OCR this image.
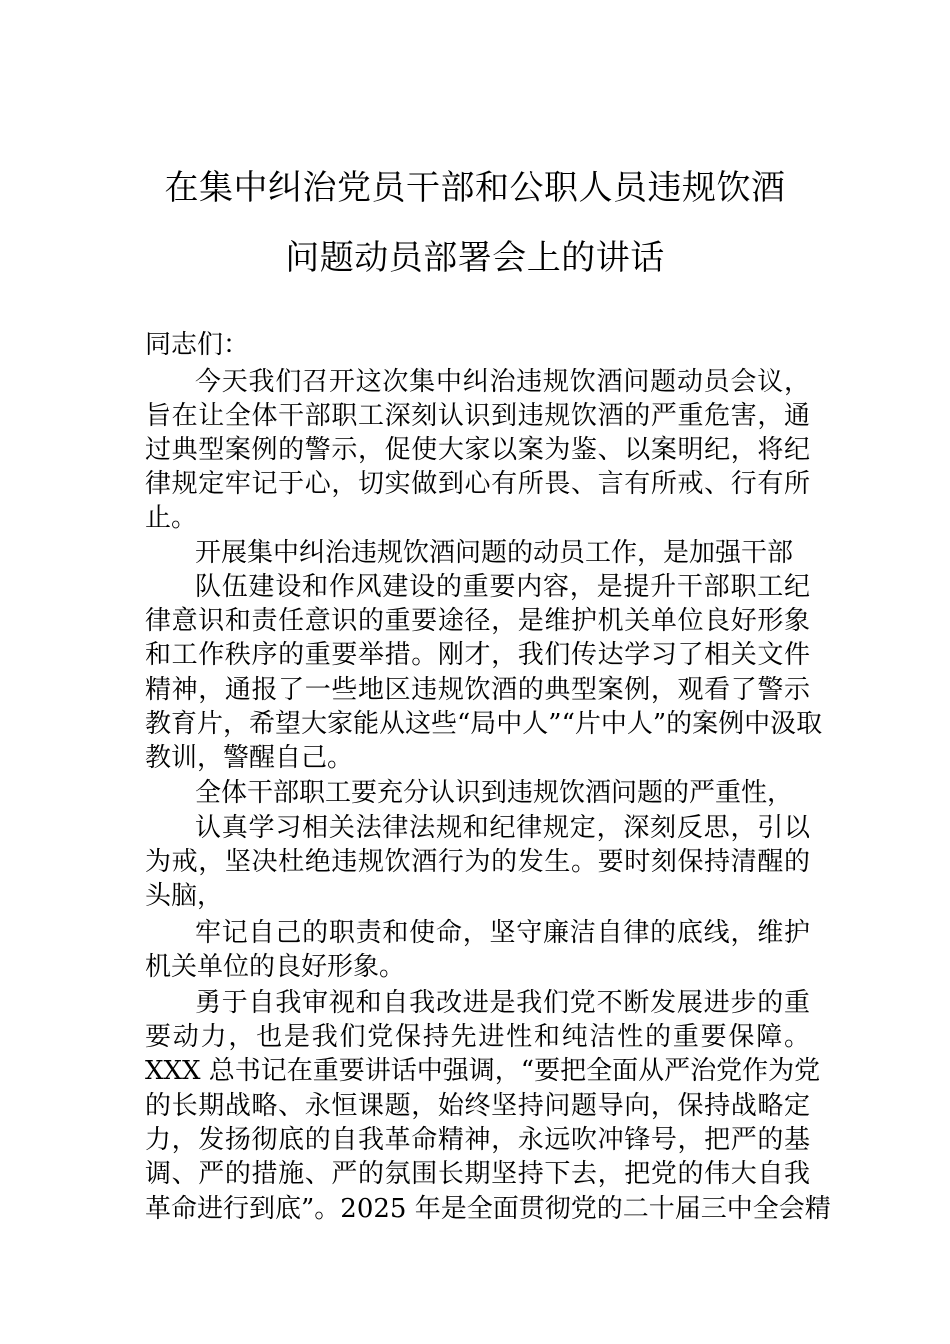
在集中纠治党员干部和公职人员违规饮酒
问题动员部署会上的讲话
同志们：
今天我们召开这次集中纠治违规饮酒问题动员会议，
旨在让全体干部职工深刻认识到违规饮酒的严重危害，通
过典型案例的警示，促使大家以案为鉴、以案明纪，将纪
律规定牢记于心，切实做到心有所畏、言有所戒、行有所
止。
开展集中纠治违规饮酒问题的动员工作，是加强干部
队伍建设和作风建设的重要内容，是提升干部职工纪
律意识和责任意识的重要途径，是维护机关单位良好形象
和工作秩序的重要举措。刚才，我们传达学习了相关文件
精神，通报了一些地区违规饮酒的典型案例，观看了警示
教育片，希望大家能从这些“局中人”“片中人”的案例中汲取
教训，警醒自己。
全体干部职工要充分认识到违规饮酒问题的严重性，
认真学习相关法律法规和纪律规定，深刻反思，引以
为戒，坚决杜绝违规饮酒行为的发生。要时刻保持清醒的
头脑，
牢记自己的职责和使命，坚守廉洁自律的底线，维护
机关单位的良好形象。
勇于自我审视和自我改进是我们党不断发展进步的重
要动力，也是我们党保持先进性和纯洁性的重要保障。
XXX 总书记在重要讲话中强调，“要把全面从严治党作为党
的长期战略、永恒课题，始终坚持问题导向，保持战略定
力，发扬彻底的自我革命精神，永远吹冲锋号，把严的基
调、严的措施、严的氛围长期坚持下去，把党的伟大自我
革命进行到底”。2025 年是全面贯彻党的二十届三中全会精
